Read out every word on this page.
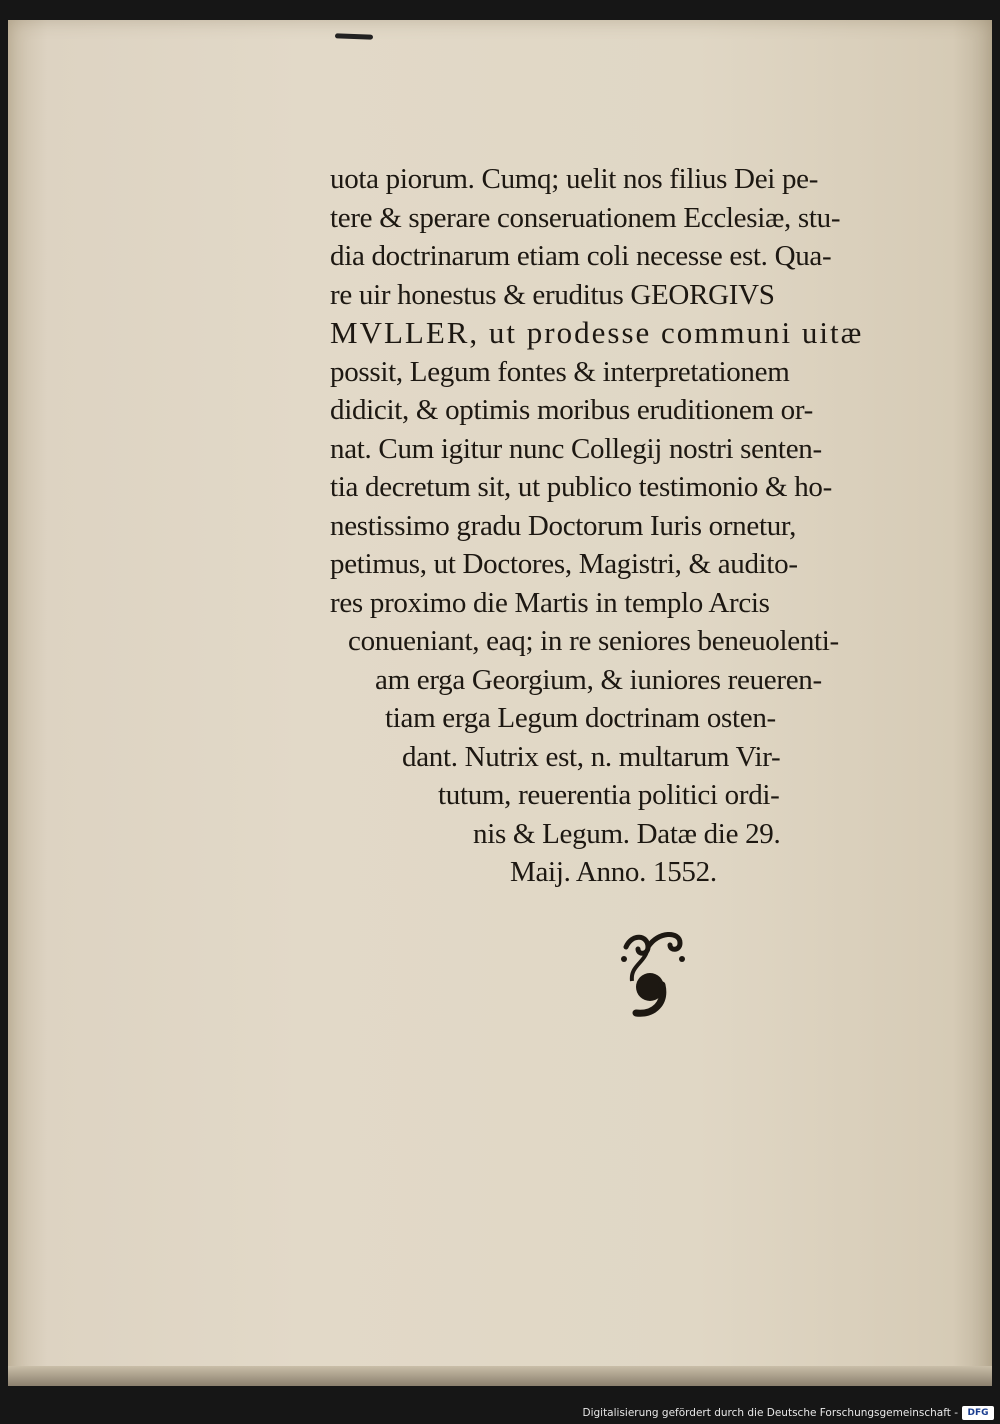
uota piorum. Cumq; uelit nos filius Dei pe-
tere & sperare conseruationem Ecclesiæ, stu-
dia doctrinarum etiam coli necesse est. Qua-
re uir honestus & eruditus GEORGIVS
MVLLER, ut prodesse communi uitæ
possit, Legum fontes & interpretationem
didicit, & optimis moribus eruditionem or-
nat. Cum igitur nunc Collegij nostri senten-
tia decretum sit, ut publico testimonio & ho-
nestissimo gradu Doctorum Iuris ornetur,
petimus, ut Doctores, Magistri, & audito-
res proximo die Martis in templo Arcis
conueniant, eaq; in re seniores beneuolenti-
am erga Georgium, & iuniores reueren-
tiam erga Legum doctrinam osten-
dant. Nutrix est, n. multarum Vir-
tutum, reuerentia politici ordi-
nis & Legum. Datæ die 29.
Maij. Anno. 1552.
Digitalisierung gefördert durch die Deutsche Forschungsgemeinschaft -	DFG
